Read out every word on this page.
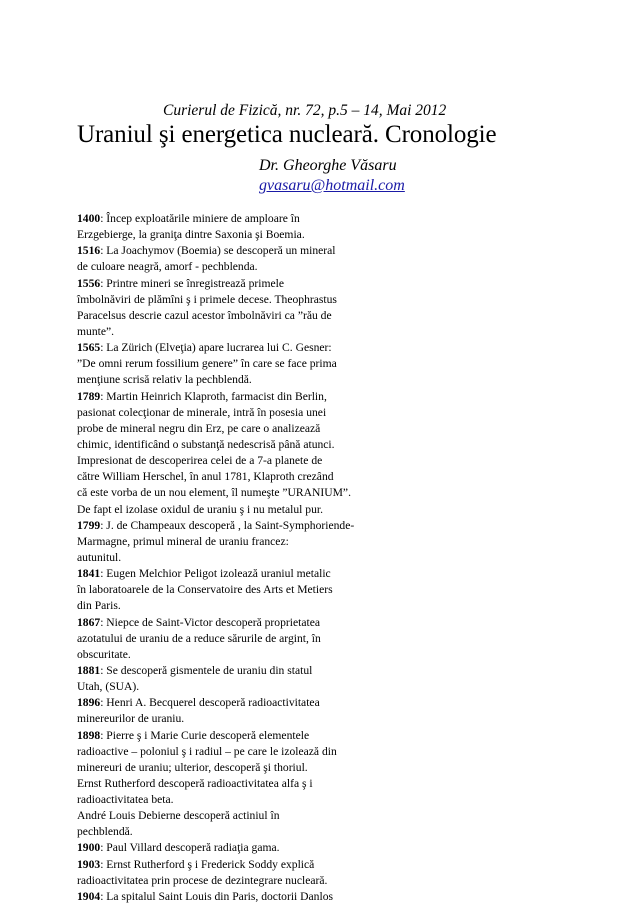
Curierul de Fizică, nr. 72, p.5 – 14, Mai 2012
Uraniul şi energetica nucleară. Cronologie
Dr. Gheorghe Văsaru
gvasaru@hotmail.com
1400: Încep exploatările miniere de amploare în
Erzgebierge, la graniţa dintre Saxonia şi Boemia.
1516: La Joachymov (Boemia) se descoperă un mineral
de culoare neagră, amorf - pechblenda.
1556: Printre mineri se înregistrează primele
îmbolnăviri de plămîni ş i primele decese. Theophrastus
Paracelsus descrie cazul acestor îmbolnăviri ca ”rău de
munte”.
1565: La Zürich (Elveţia) apare lucrarea lui C. Gesner:
”De omni rerum fossilium genere” în care se face prima
menţiune scrisă relativ la pechblendă.
1789: Martin Heinrich Klaproth, farmacist din Berlin,
pasionat colecţionar de minerale, intră în posesia unei
probe de mineral negru din Erz, pe care o analizează
chimic, identificând o substanţă nedescrisă până atunci.
Impresionat de descoperirea celei de a 7-a planete de
către William Herschel, în anul 1781, Klaproth crezând
că este vorba de un nou element, îl numeşte ”URANIUM”.
De fapt el izolase oxidul de uraniu ş i nu metalul pur.
1799: J. de Champeaux descoperă , la Saint-Symphoriende-
Marmagne, primul mineral de uraniu francez:
autunitul.
1841: Eugen Melchior Peligot izolează uraniul metalic
în laboratoarele de la Conservatoire des Arts et Metiers
din Paris.
1867: Niepce de Saint-Victor descoperă proprietatea
azotatului de uraniu de a reduce sărurile de argint, în
obscuritate.
1881: Se descoperă gismentele de uraniu din statul
Utah, (SUA).
1896: Henri A. Becquerel descoperă radioactivitatea
minereurilor de uraniu.
1898: Pierre ş i Marie Curie descoperă elementele
radioactive – poloniul ş i radiul – pe care le izolează din
minereuri de uraniu; ulterior, descoperă şi thoriul.
Ernst Rutherford descoperă radioactivitatea alfa ş i
radioactivitatea beta.
André Louis Debierne descoperă actiniul în
pechblendă.
1900: Paul Villard descoperă radiaţia gama.
1903: Ernst Rutherford ş i Frederick Soddy explică
radioactivitatea prin procese de dezintegrare nucleară.
1904: La spitalul Saint Louis din Paris, doctorii Danlos
